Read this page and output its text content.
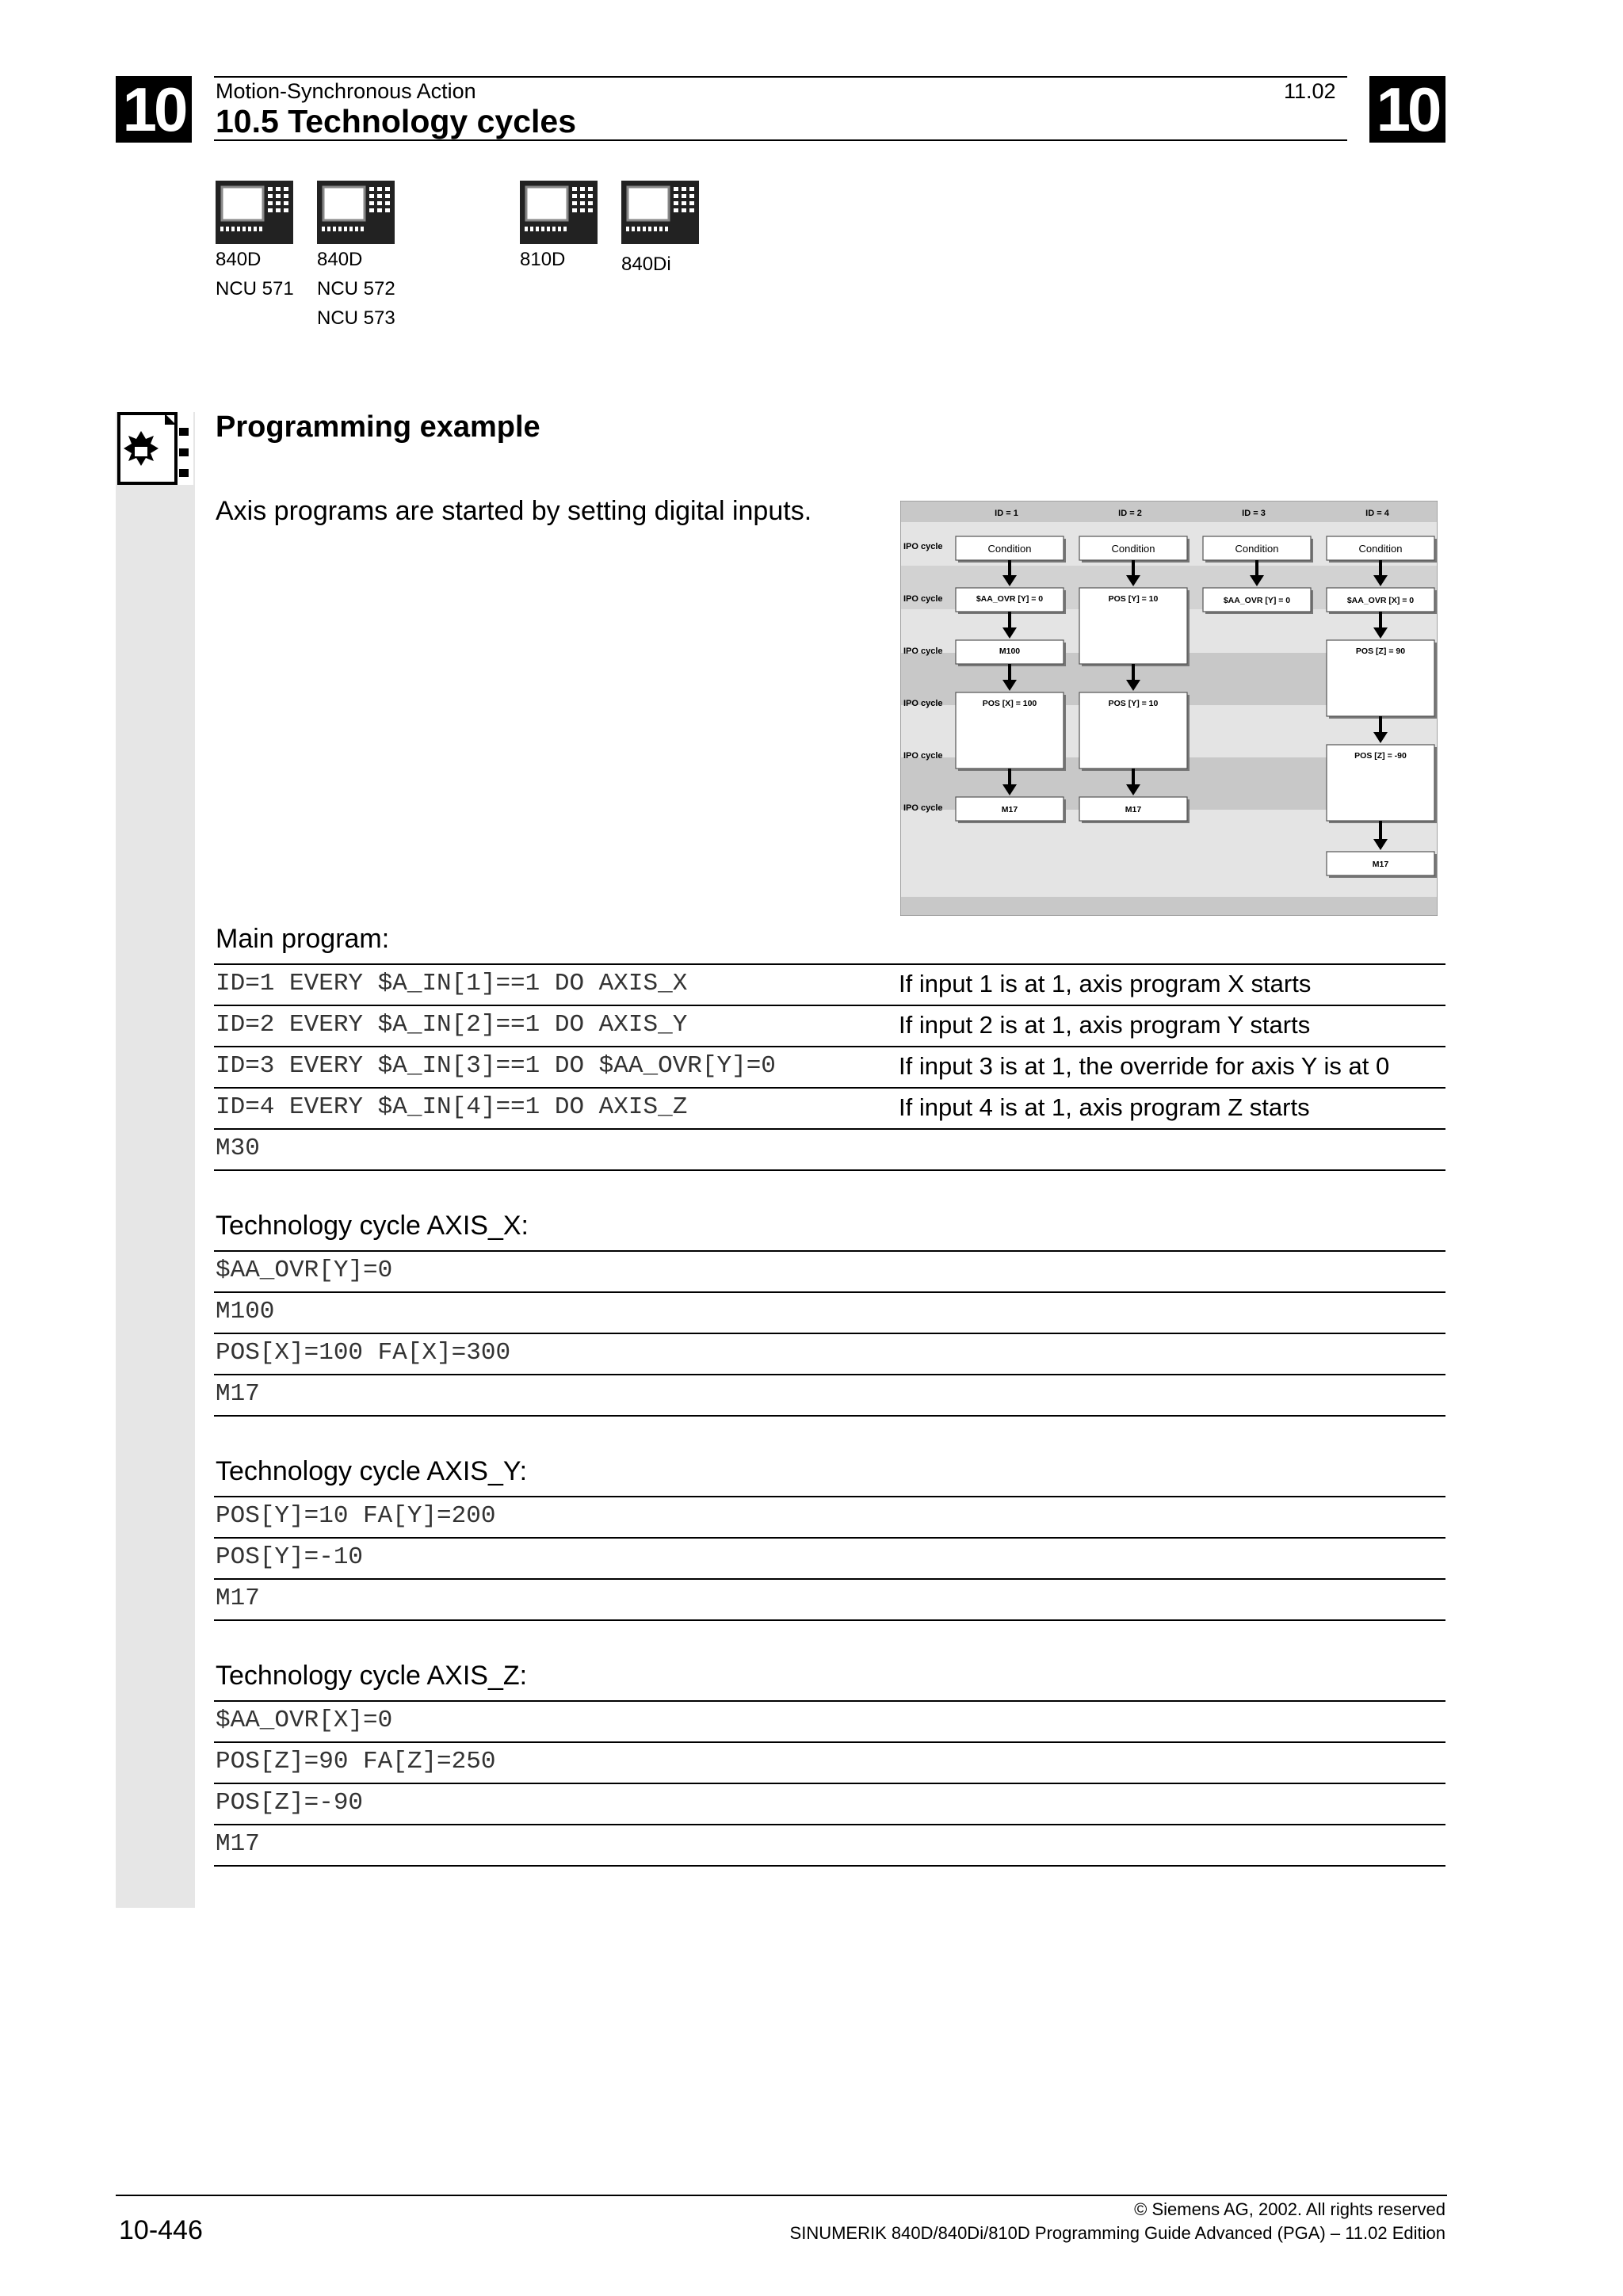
10	10
Motion-Synchronous Action	11.02
10.5 Technology cycles
840D
NCU 571
840D
NCU 572
NCU 573
810D	840Di
Programming example
Axis programs are started by setting digital inputs.	ID = 1	ID = 2	ID = 3	ID = 4
IPO cycle
IPO cycle
IPO cycle
IPO cycle
IPO cycle
IPO cycle
Condition	Condition	Condition	Condition
$AA_OVR [Y] = 0	POS [Y] = 10	$AA_OVR [Y] = 0	$AA_OVR [X] = 0
M100	POS [Z] = 90
POS [X] = 100	POS [Y] = 10
POS [Z] = -90
M17	M17
M17
Main program:
ID=1 EVERY $A_IN[1]==1 DO AXIS_X	If input 1 is at 1, axis program X starts
ID=2 EVERY $A_IN[2]==1 DO AXIS_Y	If input 2 is at 1, axis program Y starts
ID=3 EVERY $A_IN[3]==1 DO $AA_OVR[Y]=0	If input 3 is at 1, the override for axis Y is at 0
ID=4 EVERY $A_IN[4]==1 DO AXIS_Z	If input 4 is at 1, axis program Z starts
M30
Technology cycle AXIS_X:
$AA_OVR[Y]=0
M100
POS[X]=100 FA[X]=300
M17
Technology cycle AXIS_Y:
POS[Y]=10 FA[Y]=200
POS[Y]=-10
M17
Technology cycle AXIS_Z:
$AA_OVR[X]=0
POS[Z]=90 FA[Z]=250
POS[Z]=-90
M17
10-446
© Siemens AG, 2002. All rights reserved
SINUMERIK 840D/840Di/810D Programming Guide Advanced (PGA) – 11.02 Edition
